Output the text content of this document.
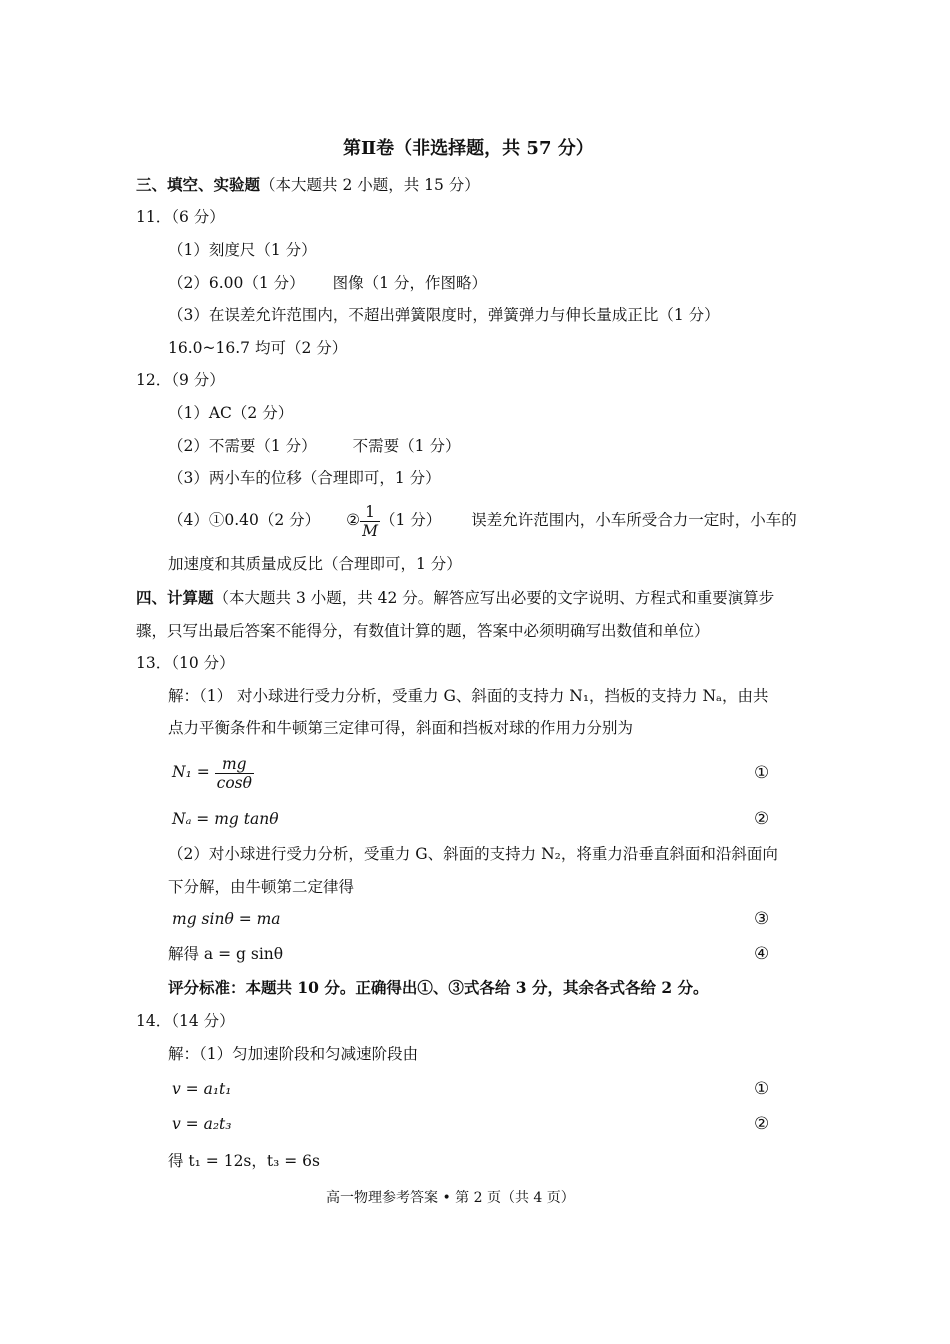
第Ⅱ卷（非选择题，共 57 分）
三、填空、实验题（本大题共 2 小题，共 15 分）
11．（6 分）
（1）刻度尺（1 分）
（2）6.00（1 分） 图像（1 分，作图略）
（3）在误差允许范围内，不超出弹簧限度时，弹簧弹力与伸长量成正比（1 分）
16.0~16.7 均可（2 分）
12．（9 分）
（1）AC（2 分）
（2）不需要（1 分） 不需要（1 分）
（3）两小车的位移（合理即可，1 分）
（4）①0.40（2 分） ② $\frac{1}{M} (1$ 分） 误差允许范围内，小车所受合力一定时，小车的
加速度和其质量成反比（合理即可，1 分）
四、计算题（本大题共 3 小题，共 42 分。解答应写出必要的文字说明、方程式和重要演算步
骤，只写出最后答案不能得分，有数值计算的题，答案中必须明确写出数值和单位）
13．（10 分）
解：（1） 对小球进行受力分析，受重力 G、斜面的支持力 N₁，挡板的支持力 Nₐ，由共
点力平衡条件和牛顿第三定律可得，斜面和挡板对球的作用力分别为
$N_1 = \frac{mg}{\cos\theta}$	①
Nₐ = mg tanθ	②
（2）对小球进行受力分析，受重力 G、斜面的支持力 N₂，将重力沿垂直斜面和沿斜面向
下分解，由牛顿第二定律得
mg sinθ = ma	③
解得 a = g sinθ	④
评分标准：本题共 10 分。正确得出①、③式各给 3 分，其余各式各给 2 分。
14．（14 分）
解：（1）匀加速阶段和匀减速阶段由
v = a₁t₁	①
v = a₂t₃	②
得 t₁ = 12s，t₃ = 6s
高一物理参考答案 • 第 2 页（共 4 页）
